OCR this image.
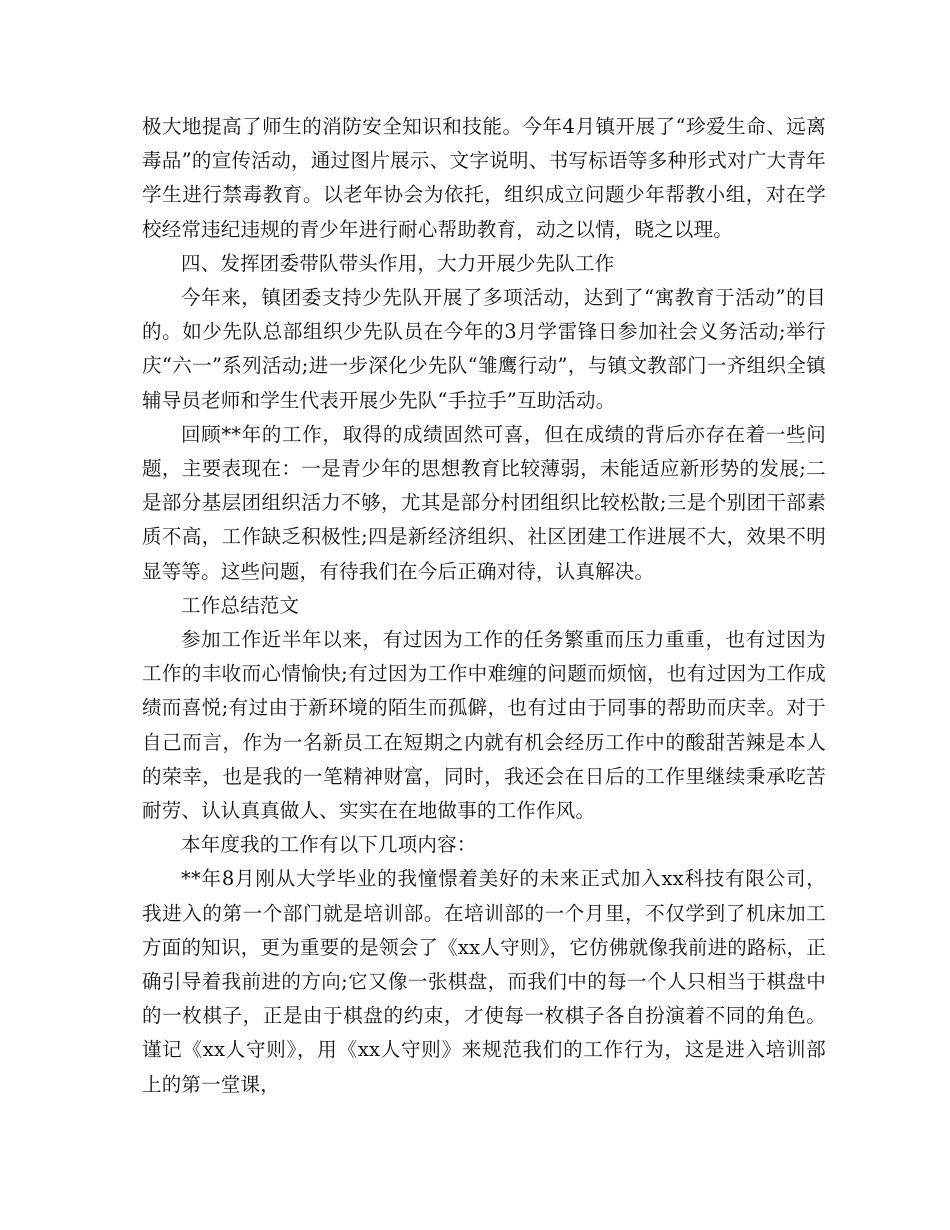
极大地提高了师生的消防安全知识和技能。今年4月镇开展了“珍爱生命、远离毒品”的宣传活动，通过图片展示、文字说明、书写标语等多种形式对广大青年学生进行禁毒教育。以老年协会为依托，组织成立问题少年帮教小组，对在学校经常违纪违规的青少年进行耐心帮助教育，动之以情，晓之以理。

四、发挥团委带队带头作用，大力开展少先队工作

今年来，镇团委支持少先队开展了多项活动，达到了“寓教育于活动”的目的。如少先队总部组织少先队员在今年的3月学雷锋日参加社会义务活动;举行庆“六一”系列活动;进一步深化少先队“雏鹰行动”，与镇文教部门一齐组织全镇辅导员老师和学生代表开展少先队“手拉手”互助活动。

回顾**年的工作，取得的成绩固然可喜，但在成绩的背后亦存在着一些问题，主要表现在：一是青少年的思想教育比较薄弱，未能适应新形势的发展;二是部分基层团组织活力不够，尤其是部分村团组织比较松散;三是个别团干部素质不高，工作缺乏积极性;四是新经济组织、社区团建工作进展不大，效果不明显等等。这些问题，有待我们在今后正确对待，认真解决。

工作总结范文

参加工作近半年以来，有过因为工作的任务繁重而压力重重，也有过因为工作的丰收而心情愉快;有过因为工作中难缠的问题而烦恼，也有过因为工作成绩而喜悦;有过由于新环境的陌生而孤僻，也有过由于同事的帮助而庆幸。对于自己而言，作为一名新员工在短期之内就有机会经历工作中的酸甜苦辣是本人的荣幸，也是我的一笔精神财富，同时，我还会在日后的工作里继续秉承吃苦耐劳、认认真真做人、实实在在地做事的工作作风。

本年度我的工作有以下几项内容：

**年8月刚从大学毕业的我憧憬着美好的未来正式加入xx科技有限公司，我进入的第一个部门就是培训部。在培训部的一个月里，不仅学到了机床加工方面的知识，更为重要的是领会了《xx人守则》，它仿佛就像我前进的路标，正确引导着我前进的方向;它又像一张棋盘，而我们中的每一个人只相当于棋盘中的一枚棋子，正是由于棋盘的约束，才使每一枚棋子各自扮演着不同的角色。谨记《xx人守则》，用《xx人守则》来规范我们的工作行为，这是进入培训部上的第一堂课，
